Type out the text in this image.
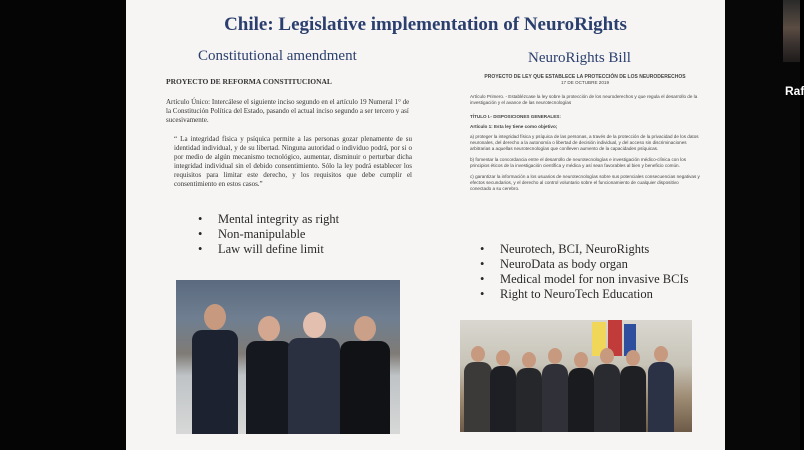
Chile: Legislative implementation of NeuroRights
Constitutional amendment	NeuroRights Bill
PROYECTO DE REFORMA CONSTITUCIONAL
Artículo Único: Intercálese el siguiente inciso segundo en el artículo 19 Numeral 1° de la Constitución Política del Estado, pasando el actual inciso segundo a ser tercero y así sucesivamente.
“ La integridad física y psíquica permite a las personas gozar plenamente de su identidad individual, y de su libertad. Ninguna autoridad o individuo podrá, por si o por medio de algún mecanismo tecnológico, aumentar, disminuir o perturbar dicha integridad individual sin el debido consentimiento. Sólo la ley podrá establecer los requisitos para limitar este derecho, y los requisitos que debe cumplir el consentimiento en estos casos.”
PROYECTO DE LEY QUE ESTABLECE LA PROTECCIÓN DE LOS NEURODERECHOS
17 DE OCTUBRE 2019
Artículo Primero. - Establézcase la ley sobre la protección de los neuroderechos y que regula el desarrollo de la investigación y el avance de las neurotecnologías
TÍTULO I.- DISPOSICIONES GENERALES:
Artículo 1: Esta ley tiene como objetivo;
a) proteger la integridad física y psíquica de las personas, a través de la protección de la privacidad de los datos neuronales, del derecho a la autonomía o libertad de decisión individual, y del acceso sin discriminaciones arbitrarias a aquellas neurotecnologías que conlleven aumento de la capacidades psíquicas.
b) fomentar la concordancia entre el desarrollo de neurotecnologías e investigación médico-clínica con los principios éticos de la investigación científica y médica y así sean favorables al bien y beneficio común.
c) garantizar la información a los usuarios de neurotecnologías sobre sus potenciales consecuencias negativas y efectos secundarios, y el derecho al control voluntario sobre el funcionamiento de cualquier dispositivo conectado a su cerebro.
• Mental integrity as right
• Non-manipulable
• Law will define limit
•	Neurotech, BCI, NeuroRights
• NeuroData as body organ
• Medical model for non invasive BCIs
• Right to NeuroTech Education
Raf
